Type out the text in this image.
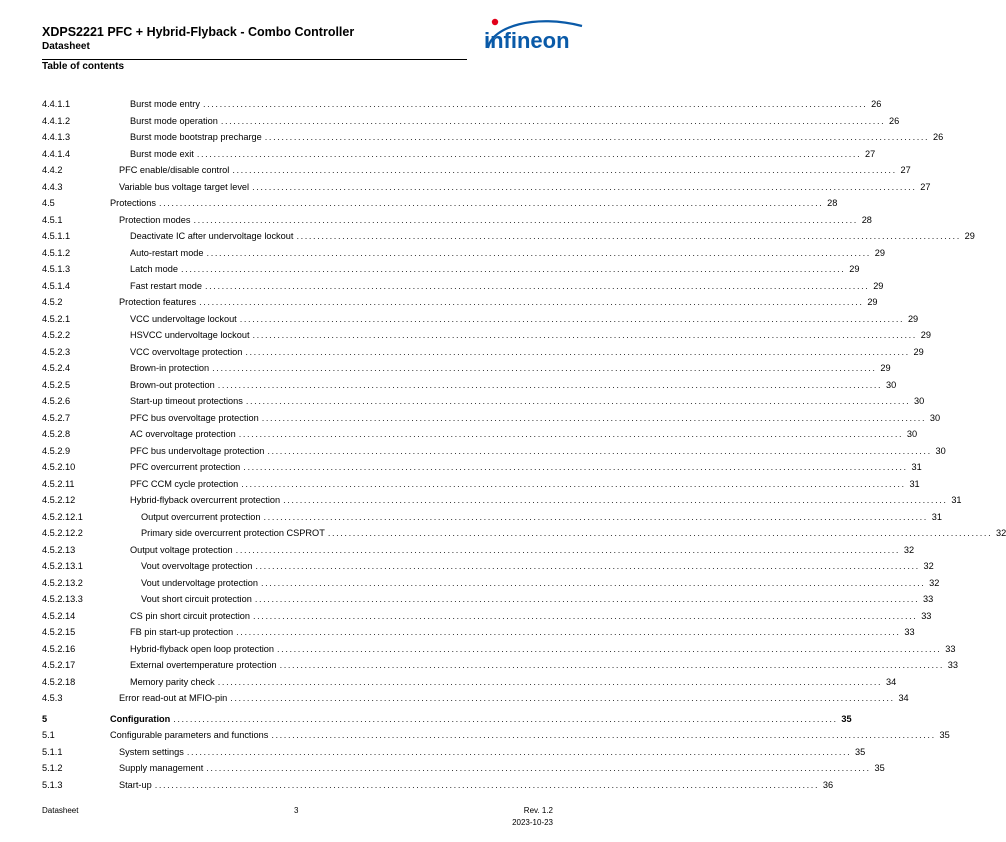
XDPS2221 PFC + Hybrid-Flyback - Combo Controller
Datasheet
Table of contents
infineon
4.4.1.1	Burst mode entry ................................................................................................................................................................ 26
4.4.1.2	Burst mode operation ................................................................................................................................................................ 26
4.4.1.3	Burst mode bootstrap precharge ................................................................................................................................................................ 26
4.4.1.4	Burst mode exit ................................................................................................................................................................ 27
4.4.2	PFC enable/disable control ................................................................................................................................................................ 27
4.4.3	Variable bus voltage target level ................................................................................................................................................................ 27
4.5	Protections ................................................................................................................................................................ 28
4.5.1	Protection modes ................................................................................................................................................................ 28
4.5.1.1	Deactivate IC after undervoltage lockout ................................................................................................................................................................ 29
4.5.1.2	Auto-restart mode ................................................................................................................................................................ 29
4.5.1.3	Latch mode ................................................................................................................................................................ 29
4.5.1.4	Fast restart mode ................................................................................................................................................................ 29
4.5.2	Protection features ................................................................................................................................................................ 29
4.5.2.1	VCC undervoltage lockout ................................................................................................................................................................ 29
4.5.2.2	HSVCC undervoltage lockout ................................................................................................................................................................ 29
4.5.2.3	VCC overvoltage protection ................................................................................................................................................................ 29
4.5.2.4	Brown-in protection ................................................................................................................................................................ 29
4.5.2.5	Brown-out protection ................................................................................................................................................................ 30
4.5.2.6	Start-up timeout protections ................................................................................................................................................................ 30
4.5.2.7	PFC bus overvoltage protection ................................................................................................................................................................ 30
4.5.2.8	AC overvoltage protection ................................................................................................................................................................ 30
4.5.2.9	PFC bus undervoltage protection ................................................................................................................................................................ 30
4.5.2.10	PFC overcurrent protection ................................................................................................................................................................ 31
4.5.2.11	PFC CCM cycle protection ................................................................................................................................................................ 31
4.5.2.12	Hybrid-flyback overcurrent protection ................................................................................................................................................................ 31
4.5.2.12.1	Output overcurrent protection ................................................................................................................................................................ 31
4.5.2.12.2	Primary side overcurrent protection CSPROT ................................................................................................................................................................ 32
4.5.2.13	Output voltage protection ................................................................................................................................................................ 32
4.5.2.13.1	Vout overvoltage protection ................................................................................................................................................................ 32
4.5.2.13.2	Vout undervoltage protection ................................................................................................................................................................ 32
4.5.2.13.3	Vout short circuit protection ................................................................................................................................................................ 33
4.5.2.14	CS pin short circuit protection ................................................................................................................................................................ 33
4.5.2.15	FB pin start-up protection ................................................................................................................................................................ 33
4.5.2.16	Hybrid-flyback open loop protection ................................................................................................................................................................ 33
4.5.2.17	External overtemperature protection ................................................................................................................................................................ 33
4.5.2.18	Memory parity check ................................................................................................................................................................ 34
4.5.3	Error read-out at MFIO-pin ................................................................................................................................................................ 34
5	Configuration ................................................................................................................................................................ 35
5.1	Configurable parameters and functions ................................................................................................................................................................ 35
5.1.1	System settings ................................................................................................................................................................ 35
5.1.2	Supply management ................................................................................................................................................................ 35
5.1.3	Start-up ................................................................................................................................................................ 36
Datasheet	3	Rev. 1.2
2023-10-23
